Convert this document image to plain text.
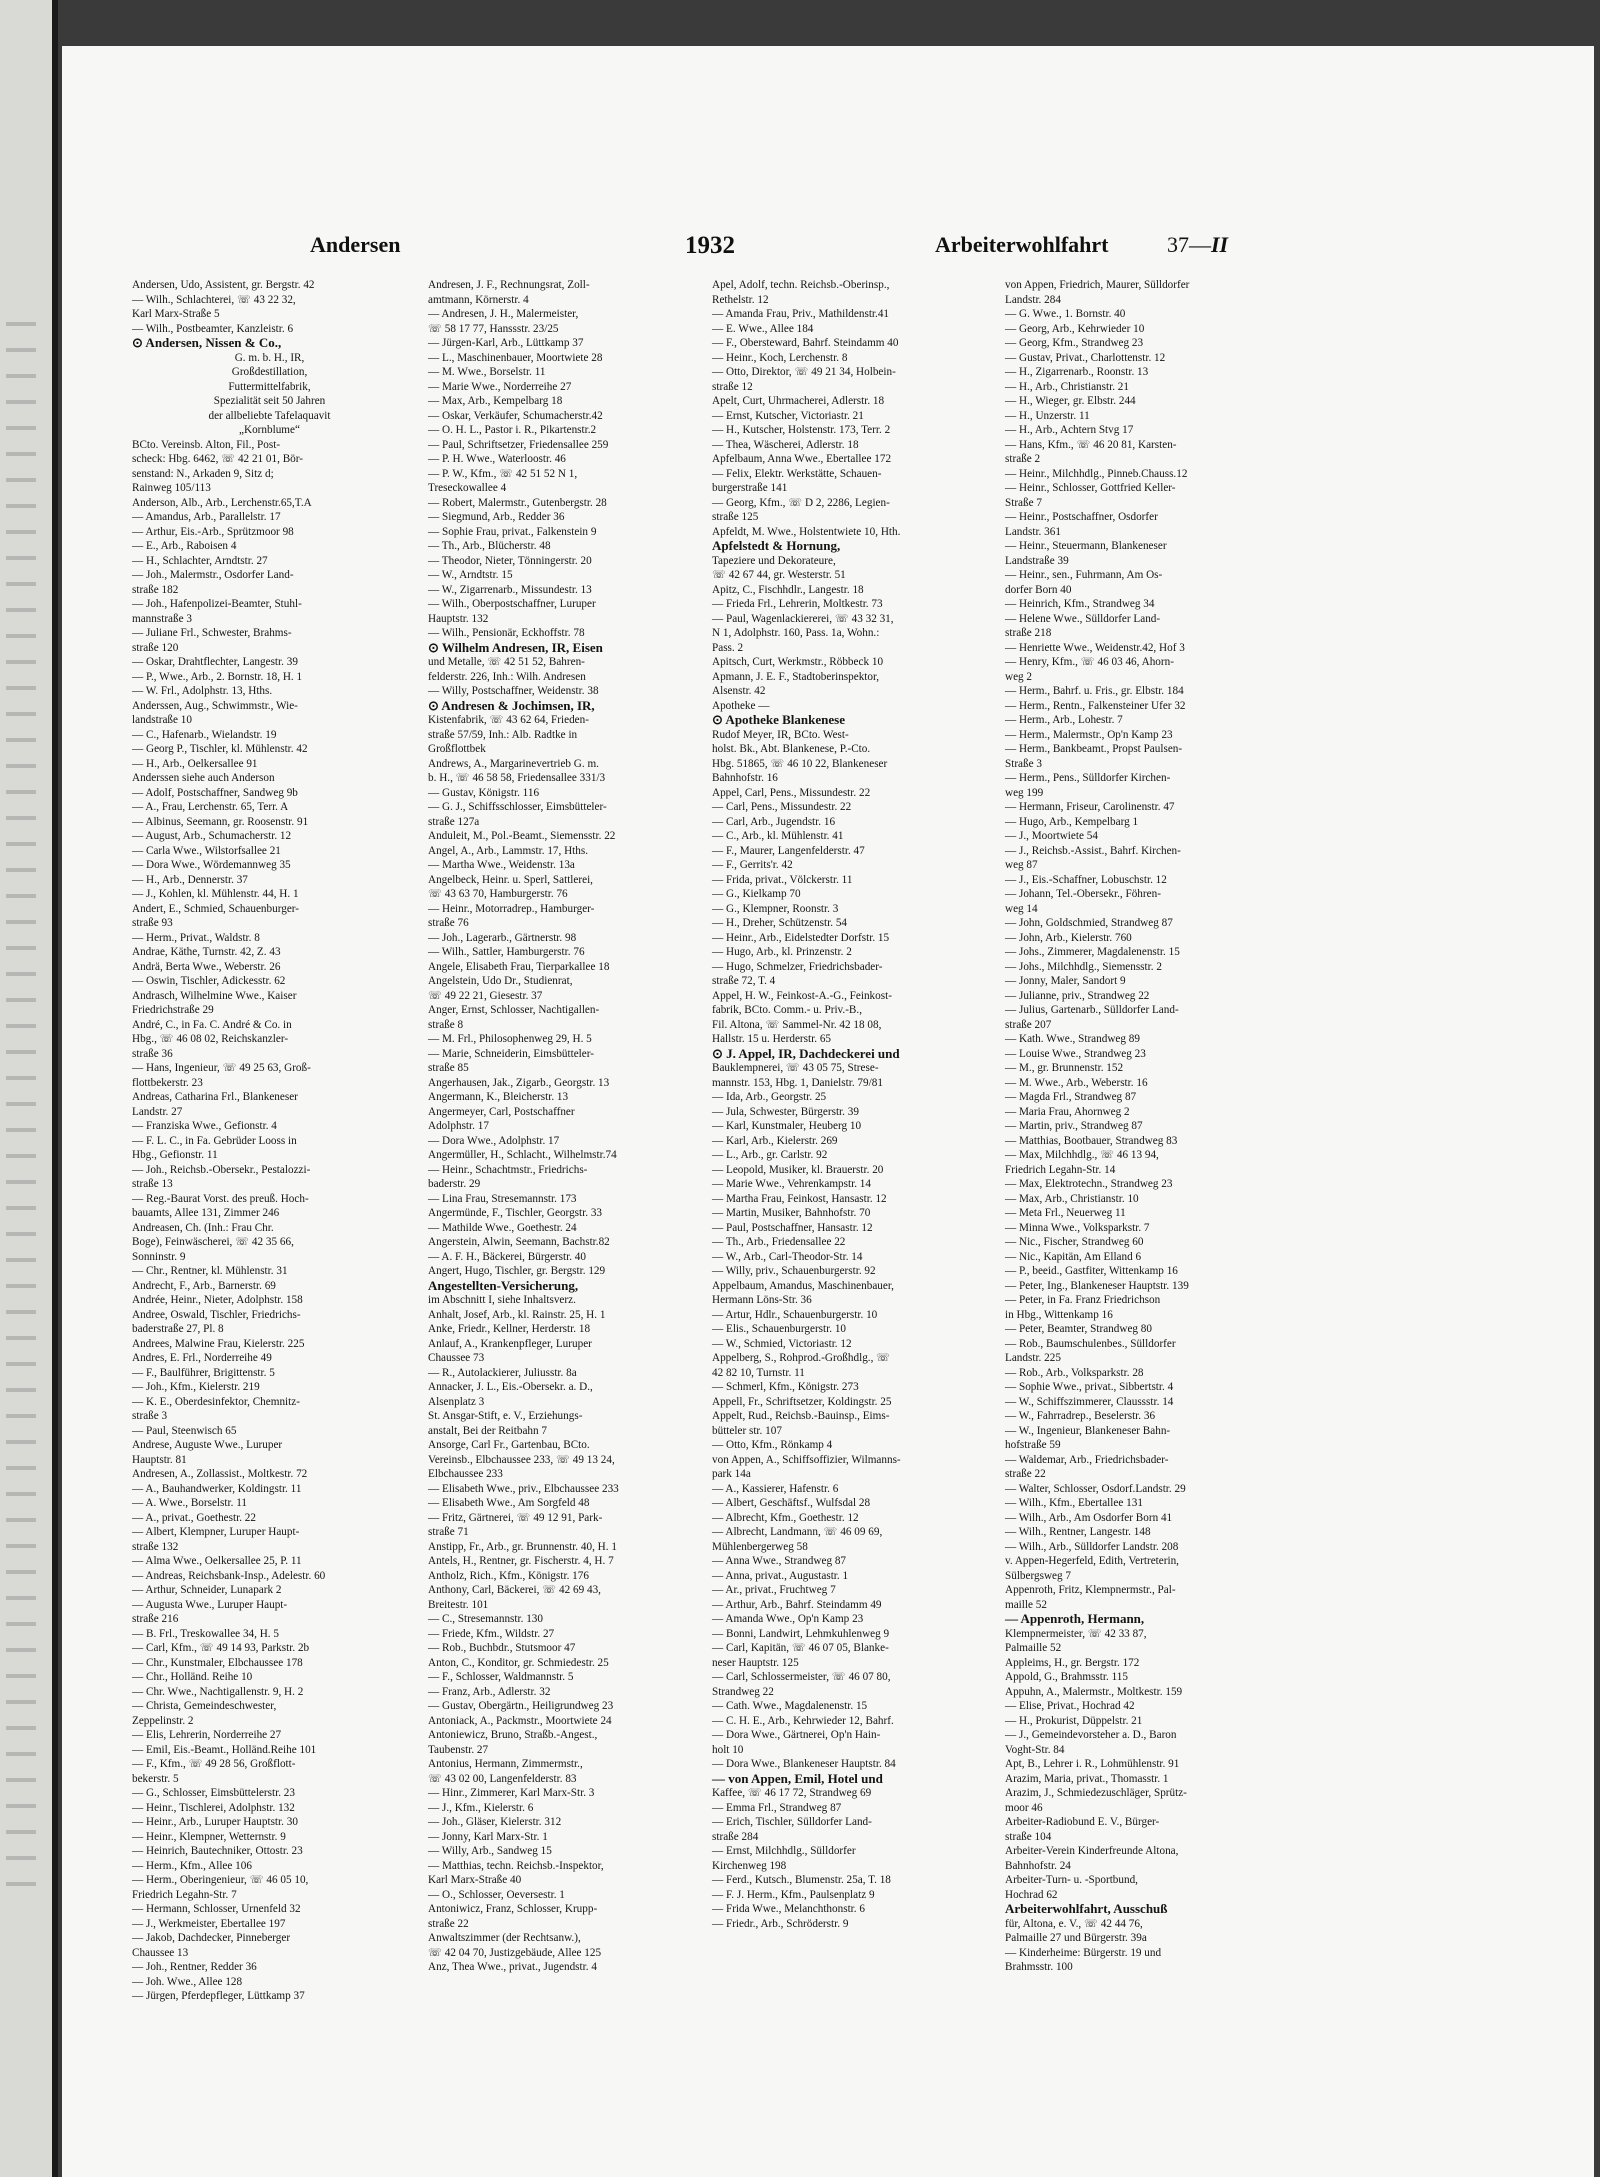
Andersen	1932	Arbeiterwohlfahrt	37—II
Andersen, Udo, Assistent, gr. Bergstr. 42
— Wilh., Schlachterei, ☏ 43 22 32,
Karl Marx-Straße 5
— Wilh., Postbeamter, Kanzleistr. 6
⊙ Andersen, Nissen & Co.,
G. m. b. H., IR,
Großdestillation,
Futtermittelfabrik,
Spezialität seit 50 Jahren
der allbeliebte Tafelaquavit
„Kornblume“
BCto. Vereinsb. Alton, Fil., Post-
scheck: Hbg. 6462, ☏ 42 21 01, Bör-
senstand: N., Arkaden 9, Sitz d;
Rainweg 105/113
Anderson, Alb., Arb., Lerchenstr.65,T.A
— Amandus, Arb., Parallelstr. 17
— Arthur, Eis.-Arb., Sprützmoor 98
— E., Arb., Raboisen 4
— H., Schlachter, Arndtstr. 27
— Joh., Malermstr., Osdorfer Land-
straße 182
— Joh., Hafenpolizei-Beamter, Stuhl-
mannstraße 3
— Juliane Frl., Schwester, Brahms-
straße 120
— Oskar, Drahtflechter, Langestr. 39
— P., Wwe., Arb., 2. Bornstr. 18, H. 1
— W. Frl., Adolphstr. 13, Hths.
Anderssen, Aug., Schwimmstr., Wie-
landstraße 10
— C., Hafenarb., Wielandstr. 19
— Georg P., Tischler, kl. Mühlenstr. 42
— H., Arb., Oelkersallee 91
Anderssen siehe auch Anderson
— Adolf, Postschaffner, Sandweg 9b
— A., Frau, Lerchenstr. 65, Terr. A
— Albinus, Seemann, gr. Roosenstr. 91
— August, Arb., Schumacherstr. 12
— Carla Wwe., Wilstorfsallee 21
— Dora Wwe., Wördemannweg 35
— H., Arb., Dennerstr. 37
— J., Kohlen, kl. Mühlenstr. 44, H. 1
Andert, E., Schmied, Schauenburger-
straße 93
— Herm., Privat., Waldstr. 8
Andrae, Käthe, Turnstr. 42, Z. 43
Andrä, Berta Wwe., Weberstr. 26
— Oswin, Tischler, Adickesstr. 62
Andrasch, Wilhelmine Wwe., Kaiser
Friedrichstraße 29
André, C., in Fa. C. André & Co. in
Hbg., ☏ 46 08 02, Reichskanzler-
straße 36
— Hans, Ingenieur, ☏ 49 25 63, Groß-
flottbekerstr. 23
Andreas, Catharina Frl., Blankeneser
Landstr. 27
— Franziska Wwe., Gefionstr. 4
— F. L. C., in Fa. Gebrüder Looss in
Hbg., Gefionstr. 11
— Joh., Reichsb.-Obersekr., Pestalozzi-
straße 13
— Reg.-Baurat Vorst. des preuß. Hoch-
bauamts, Allee 131, Zimmer 246
Andreasen, Ch. (Inh.: Frau Chr.
Boge), Feinwäscherei, ☏ 42 35 66,
Sonninstr. 9
— Chr., Rentner, kl. Mühlenstr. 31
Andrecht, F., Arb., Barnerstr. 69
Andrée, Heinr., Nieter, Adolphstr. 158
Andree, Oswald, Tischler, Friedrichs-
baderstraße 27, Pl. 8
Andrees, Malwine Frau, Kielerstr. 225
Andres, E. Frl., Norderreihe 49
— F., Baulführer, Brigittenstr. 5
— Joh., Kfm., Kielerstr. 219
— K. E., Oberdesinfektor, Chemnitz-
straße 3
— Paul, Steenwisch 65
Andrese, Auguste Wwe., Luruper
Hauptstr. 81
Andresen, A., Zollassist., Moltkestr. 72
— A., Bauhandwerker, Koldingstr. 11
— A. Wwe., Borselstr. 11
— A., privat., Goethestr. 22
— Albert, Klempner, Luruper Haupt-
straße 132
— Alma Wwe., Oelkersallee 25, P. 11
— Andreas, Reichsbank-Insp., Adelestr. 60
— Arthur, Schneider, Lunapark 2
— Augusta Wwe., Luruper Haupt-
straße 216
— B. Frl., Treskowallee 34, H. 5
— Carl, Kfm., ☏ 49 14 93, Parkstr. 2b
— Chr., Kunstmaler, Elbchaussee 178
— Chr., Holländ. Reihe 10
— Chr. Wwe., Nachtigallenstr. 9, H. 2
— Christa, Gemeindeschwester,
Zeppelinstr. 2
— Elis, Lehrerin, Norderreihe 27
— Emil, Eis.-Beamt., Holländ.Reihe 101
— F., Kfm., ☏ 49 28 56, Großflott-
bekerstr. 5
— G., Schlosser, Eimsbüttelerstr. 23
— Heinr., Tischlerei, Adolphstr. 132
— Heinr., Arb., Luruper Hauptstr. 30
— Heinr., Klempner, Wetternstr. 9
— Heinrich, Bautechniker, Ottostr. 23
— Herm., Kfm., Allee 106
— Herm., Oberingenieur, ☏ 46 05 10,
Friedrich Legahn-Str. 7
— Hermann, Schlosser, Urnenfeld 32
— J., Werkmeister, Ebertallee 197
— Jakob, Dachdecker, Pinneberger
Chaussee 13
— Joh., Rentner, Redder 36
— Joh. Wwe., Allee 128
— Jürgen, Pferdepfleger, Lüttkamp 37
Andresen, J. F., Rechnungsrat, Zoll-
amtmann, Körnerstr. 4
— Andresen, J. H., Malermeister,
☏ 58 17 77, Hanssstr. 23/25
— Jürgen-Karl, Arb., Lüttkamp 37
— L., Maschinenbauer, Moortwiete 28
— M. Wwe., Borselstr. 11
— Marie Wwe., Norderreihe 27
— Max, Arb., Kempelbarg 18
— Oskar, Verkäufer, Schumacherstr.42
— O. H. L., Pastor i. R., Pikartenstr.2
— Paul, Schriftsetzer, Friedensallee 259
— P. H. Wwe., Waterloostr. 46
— P. W., Kfm., ☏ 42 51 52 N 1,
Treseckowallee 4
— Robert, Malermstr., Gutenbergstr. 28
— Siegmund, Arb., Redder 36
— Sophie Frau, privat., Falkenstein 9
— Th., Arb., Blücherstr. 48
— Theodor, Nieter, Tönningerstr. 20
— W., Arndtstr. 15
— W., Zigarrenarb., Missundestr. 13
— Wilh., Oberpostschaffner, Luruper
Hauptstr. 132
— Wilh., Pensionär, Eckhoffstr. 78
⊙ Wilhelm Andresen, IR, Eisen
und Metalle, ☏ 42 51 52, Bahren-
felderstr. 226, Inh.: Wilh. Andresen
— Willy, Postschaffner, Weidenstr. 38
⊙ Andresen & Jochimsen, IR,
Kistenfabrik, ☏ 43 62 64, Frieden-
straße 57/59, Inh.: Alb. Radtke in
Großflottbek
Andrews, A., Margarinevertrieb G. m.
b. H., ☏ 46 58 58, Friedensallee 331/3
— Gustav, Königstr. 116
— G. J., Schiffsschlosser, Eimsbütteler-
straße 127a
Anduleit, M., Pol.-Beamt., Siemensstr. 22
Angel, A., Arb., Lammstr. 17, Hths.
— Martha Wwe., Weidenstr. 13a
Angelbeck, Heinr. u. Sperl, Sattlerei,
☏ 43 63 70, Hamburgerstr. 76
— Heinr., Motorradrep., Hamburger-
straße 76
— Joh., Lagerarb., Gärtnerstr. 98
— Wilh., Sattler, Hamburgerstr. 76
Angele, Elisabeth Frau, Tierparkallee 18
Angelstein, Udo Dr., Studienrat,
☏ 49 22 21, Giesestr. 37
Anger, Ernst, Schlosser, Nachtigallen-
straße 8
— M. Frl., Philosophenweg 29, H. 5
— Marie, Schneiderin, Eimsbütteler-
straße 85
Angerhausen, Jak., Zigarb., Georgstr. 13
Angermann, K., Bleicherstr. 13
Angermeyer, Carl, Postschaffner
Adolphstr. 17
— Dora Wwe., Adolphstr. 17
Angermüller, H., Schlacht., Wilhelmstr.74
— Heinr., Schachtmstr., Friedrichs-
baderstr. 29
— Lina Frau, Stresemannstr. 173
Angermünde, F., Tischler, Georgstr. 33
— Mathilde Wwe., Goethestr. 24
Angerstein, Alwin, Seemann, Bachstr.82
— A. F. H., Bäckerei, Bürgerstr. 40
Angert, Hugo, Tischler, gr. Bergstr. 129
Angestellten-Versicherung,
im Abschnitt I, siehe Inhaltsverz.
Anhalt, Josef, Arb., kl. Rainstr. 25, H. 1
Anke, Friedr., Kellner, Herderstr. 18
Anlauf, A., Krankenpfleger, Luruper
Chaussee 73
— R., Autolackierer, Juliusstr. 8a
Annacker, J. L., Eis.-Obersekr. a. D.,
Alsenplatz 3
St. Ansgar-Stift, e. V., Erziehungs-
anstalt, Bei der Reitbahn 7
Ansorge, Carl Fr., Gartenbau, BCto.
Vereinsb., Elbchaussee 233, ☏ 49 13 24,
Elbchaussee 233
— Elisabeth Wwe., priv., Elbchaussee 233
— Elisabeth Wwe., Am Sorgfeld 48
— Fritz, Gärtnerei, ☏ 49 12 91, Park-
straße 71
Anstipp, Fr., Arb., gr. Brunnenstr. 40, H. 1
Antels, H., Rentner, gr. Fischerstr. 4, H. 7
Antholz, Rich., Kfm., Königstr. 176
Anthony, Carl, Bäckerei, ☏ 42 69 43,
Breitestr. 101
— C., Stresemannstr. 130
— Friede, Kfm., Wildstr. 27
— Rob., Buchbdr., Stutsmoor 47
Anton, C., Konditor, gr. Schmiedestr. 25
— F., Schlosser, Waldmannstr. 5
— Franz, Arb., Adlerstr. 32
— Gustav, Obergärtn., Heiligrundweg 23
Antoniack, A., Packmstr., Moortwiete 24
Antoniewicz, Bruno, Straßb.-Angest.,
Taubenstr. 27
Antonius, Hermann, Zimmermstr.,
☏ 43 02 00, Langenfelderstr. 83
— Hinr., Zimmerer, Karl Marx-Str. 3
— J., Kfm., Kielerstr. 6
— Joh., Gläser, Kielerstr. 312
— Jonny, Karl Marx-Str. 1
— Willy, Arb., Sandweg 15
— Matthias, techn. Reichsb.-Inspektor,
Karl Marx-Straße 40
— O., Schlosser, Oeversestr. 1
Antoniwicz, Franz, Schlosser, Krupp-
straße 22
Anwaltszimmer (der Rechtsanw.),
☏ 42 04 70, Justizgebäude, Allee 125
Anz, Thea Wwe., privat., Jugendstr. 4
Apel, Adolf, techn. Reichsb.-Oberinsp.,
Rethelstr. 12
— Amanda Frau, Priv., Mathildenstr.41
— E. Wwe., Allee 184
— F., Obersteward, Bahrf. Steindamm 40
— Heinr., Koch, Lerchenstr. 8
— Otto, Direktor, ☏ 49 21 34, Holbein-
straße 12
Apelt, Curt, Uhrmacherei, Adlerstr. 18
— Ernst, Kutscher, Victoriastr. 21
— H., Kutscher, Holstenstr. 173, Terr. 2
— Thea, Wäscherei, Adlerstr. 18
Apfelbaum, Anna Wwe., Ebertallee 172
— Felix, Elektr. Werkstätte, Schauen-
burgerstraße 141
— Georg, Kfm., ☏ D 2, 2286, Legien-
straße 125
Apfeldt, M. Wwe., Holstentwiete 10, Hth.
Apfelstedt & Hornung,
Tapeziere und Dekorateure,
☏ 42 67 44, gr. Westerstr. 51
Apitz, C., Fischhdlr., Langestr. 18
— Frieda Frl., Lehrerin, Moltkestr. 73
— Paul, Wagenlackiererei, ☏ 43 32 31,
N 1, Adolphstr. 160, Pass. 1a, Wohn.:
Pass. 2
Apitsch, Curt, Werkmstr., Röbbeck 10
Apmann, J. E. F., Stadtoberinspektor,
Alsenstr. 42
Apotheke —
⊙ Apotheke Blankenese
Rudof Meyer, IR, BCto. West-
holst. Bk., Abt. Blankenese, P.-Cto.
Hbg. 51865, ☏ 46 10 22, Blankeneser
Bahnhofstr. 16
Appel, Carl, Pens., Missundestr. 22
— Carl, Pens., Missundestr. 22
— Carl, Arb., Jugendstr. 16
— C., Arb., kl. Mühlenstr. 41
— F., Maurer, Langenfelderstr. 47
— F., Gerrits'r. 42
— Frida, privat., Völckerstr. 11
— G., Kielkamp 70
— G., Klempner, Roonstr. 3
— H., Dreher, Schützenstr. 54
— Heinr., Arb., Eidelstedter Dorfstr. 15
— Hugo, Arb., kl. Prinzenstr. 2
— Hugo, Schmelzer, Friedrichsbader-
straße 72, T. 4
Appel, H. W., Feinkost-A.-G., Feinkost-
fabrik, BCto. Comm.- u. Priv.-B.,
Fil. Altona, ☏ Sammel-Nr. 42 18 08,
Hallstr. 15 u. Herderstr. 65
⊙ J. Appel, IR, Dachdeckerei und
Bauklempnerei, ☏ 43 05 75, Strese-
mannstr. 153, Hbg. 1, Danielstr. 79/81
— Ida, Arb., Georgstr. 25
— Jula, Schwester, Bürgerstr. 39
— Karl, Kunstmaler, Heuberg 10
— Karl, Arb., Kielerstr. 269
— L., Arb., gr. Carlstr. 92
— Leopold, Musiker, kl. Brauerstr. 20
— Marie Wwe., Vehrenkampstr. 14
— Martha Frau, Feinkost, Hansastr. 12
— Martin, Musiker, Bahnhofstr. 70
— Paul, Postschaffner, Hansastr. 12
— Th., Arb., Friedensallee 22
— W., Arb., Carl-Theodor-Str. 14
— Willy, priv., Schauenburgerstr. 92
Appelbaum, Amandus, Maschinenbauer,
Hermann Löns-Str. 36
— Artur, Hdlr., Schauenburgerstr. 10
— Elis., Schauenburgerstr. 10
— W., Schmied, Victoriastr. 12
Appelberg, S., Rohprod.-Großhdlg., ☏
42 82 10, Turnstr. 11
— Schmerl, Kfm., Königstr. 273
Appell, Fr., Schriftsetzer, Koldingstr. 25
Appelt, Rud., Reichsb.-Bauinsp., Eims-
bütteler str. 107
— Otto, Kfm., Rönkamp 4
von Appen, A., Schiffsoffizier, Wilmanns-
park 14a
— A., Kassierer, Hafenstr. 6
— Albert, Geschäftsf., Wulfsdal 28
— Albrecht, Kfm., Goethestr. 12
— Albrecht, Landmann, ☏ 46 09 69,
Mühlenbergerweg 58
— Anna Wwe., Strandweg 87
— Anna, privat., Augustastr. 1
— Ar., privat., Fruchtweg 7
— Arthur, Arb., Bahrf. Steindamm 49
— Amanda Wwe., Op'n Kamp 23
— Bonni, Landwirt, Lehmkuhlenweg 9
— Carl, Kapitän, ☏ 46 07 05, Blanke-
neser Hauptstr. 125
— Carl, Schlossermeister, ☏ 46 07 80,
Strandweg 22
— Cath. Wwe., Magdalenenstr. 15
— C. H. E., Arb., Kehrwieder 12, Bahrf.
— Dora Wwe., Gärtnerei, Op'n Hain-
holt 10
— Dora Wwe., Blankeneser Hauptstr. 84
— von Appen, Emil, Hotel und
Kaffee, ☏ 46 17 72, Strandweg 69
— Emma Frl., Strandweg 87
— Erich, Tischler, Sülldorfer Land-
straße 284
— Ernst, Milchhdlg., Sülldorfer
Kirchenweg 198
— Ferd., Kutsch., Blumenstr. 25a, T. 18
— F. J. Herm., Kfm., Paulsenplatz 9
— Frida Wwe., Melanchthonstr. 6
— Friedr., Arb., Schröderstr. 9
von Appen, Friedrich, Maurer, Sülldorfer
Landstr. 284
— G. Wwe., 1. Bornstr. 40
— Georg, Arb., Kehrwieder 10
— Georg, Kfm., Strandweg 23
— Gustav, Privat., Charlottenstr. 12
— H., Zigarrenarb., Roonstr. 13
— H., Arb., Christianstr. 21
— H., Wieger, gr. Elbstr. 244
— H., Unzerstr. 11
— H., Arb., Achtern Stvg 17
— Hans, Kfm., ☏ 46 20 81, Karsten-
straße 2
— Heinr., Milchhdlg., Pinneb.Chauss.12
— Heinr., Schlosser, Gottfried Keller-
Straße 7
— Heinr., Postschaffner, Osdorfer
Landstr. 361
— Heinr., Steuermann, Blankeneser
Landstraße 39
— Heinr., sen., Fuhrmann, Am Os-
dorfer Born 40
— Heinrich, Kfm., Strandweg 34
— Helene Wwe., Sülldorfer Land-
straße 218
— Henriette Wwe., Weidenstr.42, Hof 3
— Henry, Kfm., ☏ 46 03 46, Ahorn-
weg 2
— Herm., Bahrf. u. Fris., gr. Elbstr. 184
— Herm., Rentn., Falkensteiner Ufer 32
— Herm., Arb., Lohestr. 7
— Herm., Malermstr., Op'n Kamp 23
— Herm., Bankbeamt., Propst Paulsen-
Straße 3
— Herm., Pens., Sülldorfer Kirchen-
weg 199
— Hermann, Friseur, Carolinenstr. 47
— Hugo, Arb., Kempelbarg 1
— J., Moortwiete 54
— J., Reichsb.-Assist., Bahrf. Kirchen-
weg 87
— J., Eis.-Schaffner, Lobuschstr. 12
— Johann, Tel.-Obersekr., Föhren-
weg 14
— John, Goldschmied, Strandweg 87
— John, Arb., Kielerstr. 760
— Johs., Zimmerer, Magdalenenstr. 15
— Johs., Milchhdlg., Siemensstr. 2
— Jonny, Maler, Sandort 9
— Julianne, priv., Strandweg 22
— Julius, Gartenarb., Sülldorfer Land-
straße 207
— Kath. Wwe., Strandweg 89
— Louise Wwe., Strandweg 23
— M., gr. Brunnenstr. 152
— M. Wwe., Arb., Weberstr. 16
— Magda Frl., Strandweg 87
— Maria Frau, Ahornweg 2
— Martin, priv., Strandweg 87
— Matthias, Bootbauer, Strandweg 83
— Max, Milchhdlg., ☏ 46 13 94,
Friedrich Legahn-Str. 14
— Max, Elektrotechn., Strandweg 23
— Max, Arb., Christianstr. 10
— Meta Frl., Neuerweg 11
— Minna Wwe., Volksparkstr. 7
— Nic., Fischer, Strandweg 60
— Nic., Kapitän, Am Elland 6
— P., beeid., Gastfiter, Wittenkamp 16
— Peter, Ing., Blankeneser Hauptstr. 139
— Peter, in Fa. Franz Friedrichson
in Hbg., Wittenkamp 16
— Peter, Beamter, Strandweg 80
— Rob., Baumschulenbes., Sülldorfer
Landstr. 225
— Rob., Arb., Volksparkstr. 28
— Sophie Wwe., privat., Sibbertstr. 4
— W., Schiffszimmerer, Claussstr. 14
— W., Fahrradrep., Beselerstr. 36
— W., Ingenieur, Blankeneser Bahn-
hofstraße 59
— Waldemar, Arb., Friedrichsbader-
straße 22
— Walter, Schlosser, Osdorf.Landstr. 29
— Wilh., Kfm., Ebertallee 131
— Wilh., Arb., Am Osdorfer Born 41
— Wilh., Rentner, Langestr. 148
— Wilh., Arb., Sülldorfer Landstr. 208
v. Appen-Hegerfeld, Edith, Vertreterin,
Sülbergsweg 7
Appenroth, Fritz, Klempnermstr., Pal-
maille 52
— Appenroth, Hermann,
Klempnermeister, ☏ 42 33 87,
Palmaille 52
Appleims, H., gr. Bergstr. 172
Appold, G., Brahmsstr. 115
Appuhn, A., Malermstr., Moltkestr. 159
— Elise, Privat., Hochrad 42
— H., Prokurist, Düppelstr. 21
— J., Gemeindevorsteher a. D., Baron
Voght-Str. 84
Apt, B., Lehrer i. R., Lohmühlenstr. 91
Arazim, Maria, privat., Thomasstr. 1
Arazim, J., Schmiedezuschläger, Sprütz-
moor 46
Arbeiter-Radiobund E. V., Bürger-
straße 104
Arbeiter-Verein Kinderfreunde Altona,
Bahnhofstr. 24
Arbeiter-Turn- u. -Sportbund,
Hochrad 62
Arbeiterwohlfahrt, Ausschuß
für, Altona, e. V., ☏ 42 44 76,
Palmaille 27 und Bürgerstr. 39a
— Kinderheime: Bürgerstr. 19 und
Brahmsstr. 100
